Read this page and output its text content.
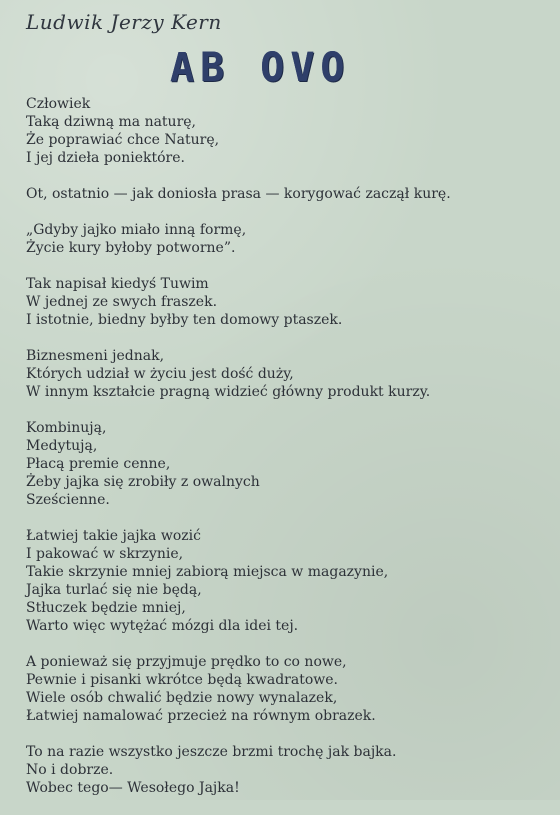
Ludwik Jerzy Kern
AB OVO
Człowiek
Taką dziwną ma naturę,
Że poprawiać chce Naturę,
I jej dzieła poniektóre.
Ot, ostatnio — jak doniosła prasa — korygować zaczął kurę.
„Gdyby jajko miało inną formę,
Życie kury byłoby potworne”.
Tak napisał kiedyś Tuwim
W jednej ze swych fraszek.
I istotnie, biedny byłby ten domowy ptaszek.
Biznesmeni jednak,
Których udział w życiu jest dość duży,
W innym kształcie pragną widzieć główny produkt kurzy.
Kombinują,
Medytują,
Płacą premie cenne,
Żeby jajka się zrobiły z owalnych
Sześcienne.
Łatwiej takie jajka wozić
I pakować w skrzynie,
Takie skrzynie mniej zabiorą miejsca w magazynie,
Jajka turlać się nie będą,
Stłuczek będzie mniej,
Warto więc wytężać mózgi dla idei tej.
A ponieważ się przyjmuje prędko to co nowe,
Pewnie i pisanki wkrótce będą kwadratowe.
Wiele osób chwalić będzie nowy wynalazek,
Łatwiej namalować przecież na równym obrazek.
To na razie wszystko jeszcze brzmi trochę jak bajka.
No i dobrze.
Wobec tego— Wesołego Jajka!
